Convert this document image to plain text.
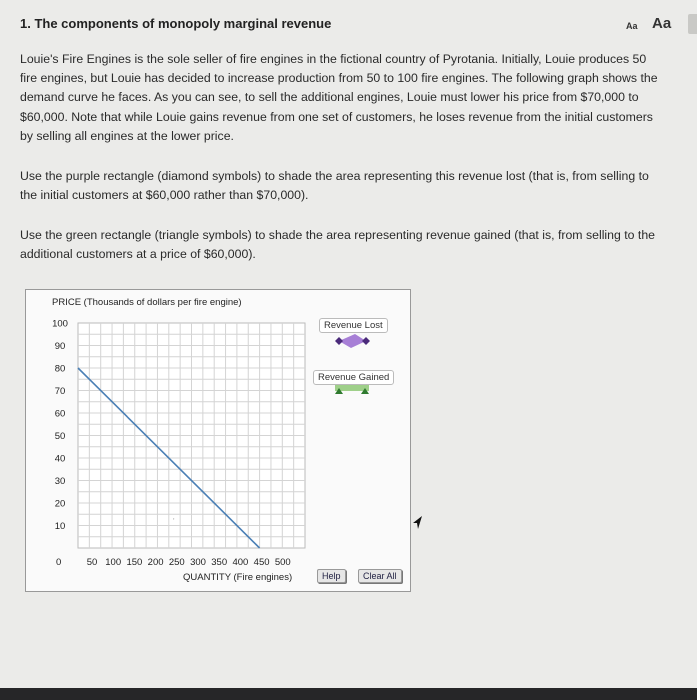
1. The components of monopoly marginal revenue	Aa Aa
Louie's Fire Engines is the sole seller of fire engines in the fictional country of Pyrotania. Initially, Louie produces 50
fire engines, but Louie has decided to increase production from 50 to 100 fire engines. The following graph shows the
demand curve he faces. As you can see, to sell the additional engines, Louie must lower his price from $70,000 to
$60,000. Note that while Louie gains revenue from one set of customers, he loses revenue from the initial customers
by selling all engines at the lower price.
Use the purple rectangle (diamond symbols) to shade the area representing this revenue lost (that is, from selling to
the initial customers at $60,000 rather than $70,000).
Use the green rectangle (triangle symbols) to shade the area representing revenue gained (that is, from selling to the
additional customers at a price of $60,000).
PRICE (Thousands of dollars per fire engine)
10
20
30
40
50
60
70
80
90
100
50 100 150 200 250 300 350 400 450 500
0
QUANTITY (Fire engines)
'
Revenue Lost
Revenue Gained
Help	Clear All
